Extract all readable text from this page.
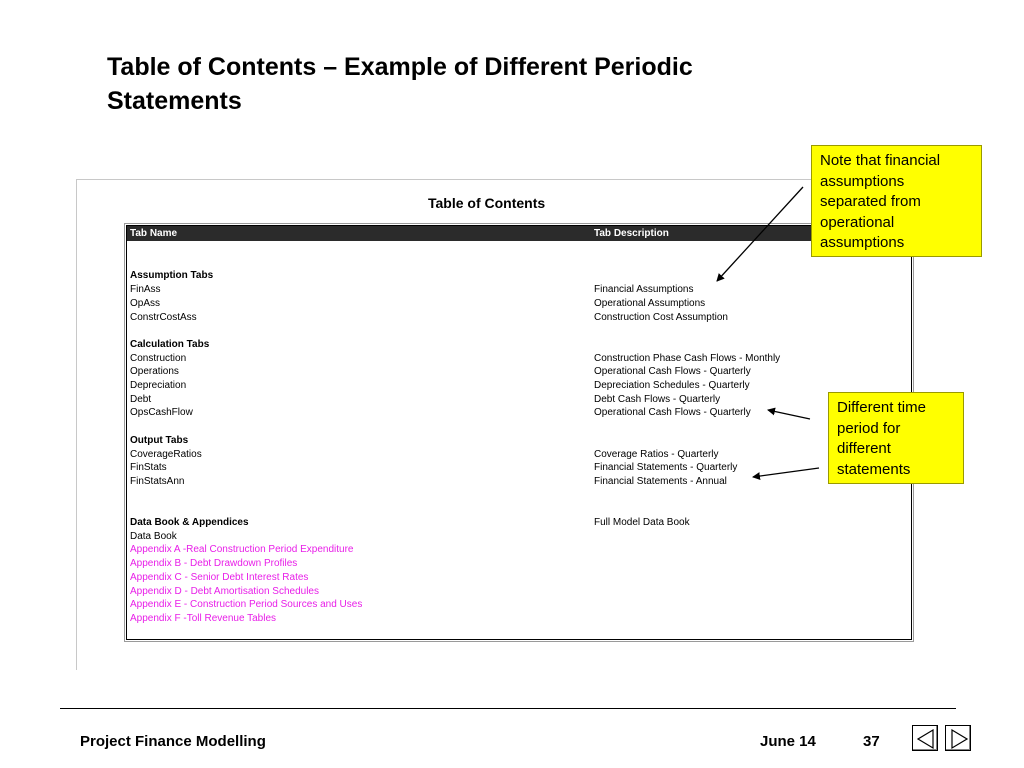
Table of Contents – Example of Different Periodic Statements
Table of Contents
Tab Name	Tab Description
Assumption Tabs
FinAss	Financial Assumptions
OpAss	Operational Assumptions
ConstrCostAss	Construction Cost Assumption
Calculation Tabs
Construction	Construction Phase Cash Flows - Monthly
Operations	Operational Cash Flows - Quarterly
Depreciation	Depreciation Schedules - Quarterly
Debt	Debt Cash Flows - Quarterly
OpsCashFlow	Operational Cash Flows - Quarterly
Output Tabs
CoverageRatios	Coverage Ratios - Quarterly
FinStats	Financial Statements - Quarterly
FinStatsAnn	Financial Statements - Annual
Data Book & Appendices	Full Model Data Book
Data Book
Appendix A -Real Construction Period Expenditure
Appendix B - Debt Drawdown Profiles
Appendix C - Senior Debt Interest Rates
Appendix D - Debt Amortisation Schedules
Appendix E - Construction Period Sources and Uses
Appendix F -Toll Revenue Tables
Note that financial assumptions separated from operational assumptions
Different time period for different statements
Project Finance Modelling	June 14	37
